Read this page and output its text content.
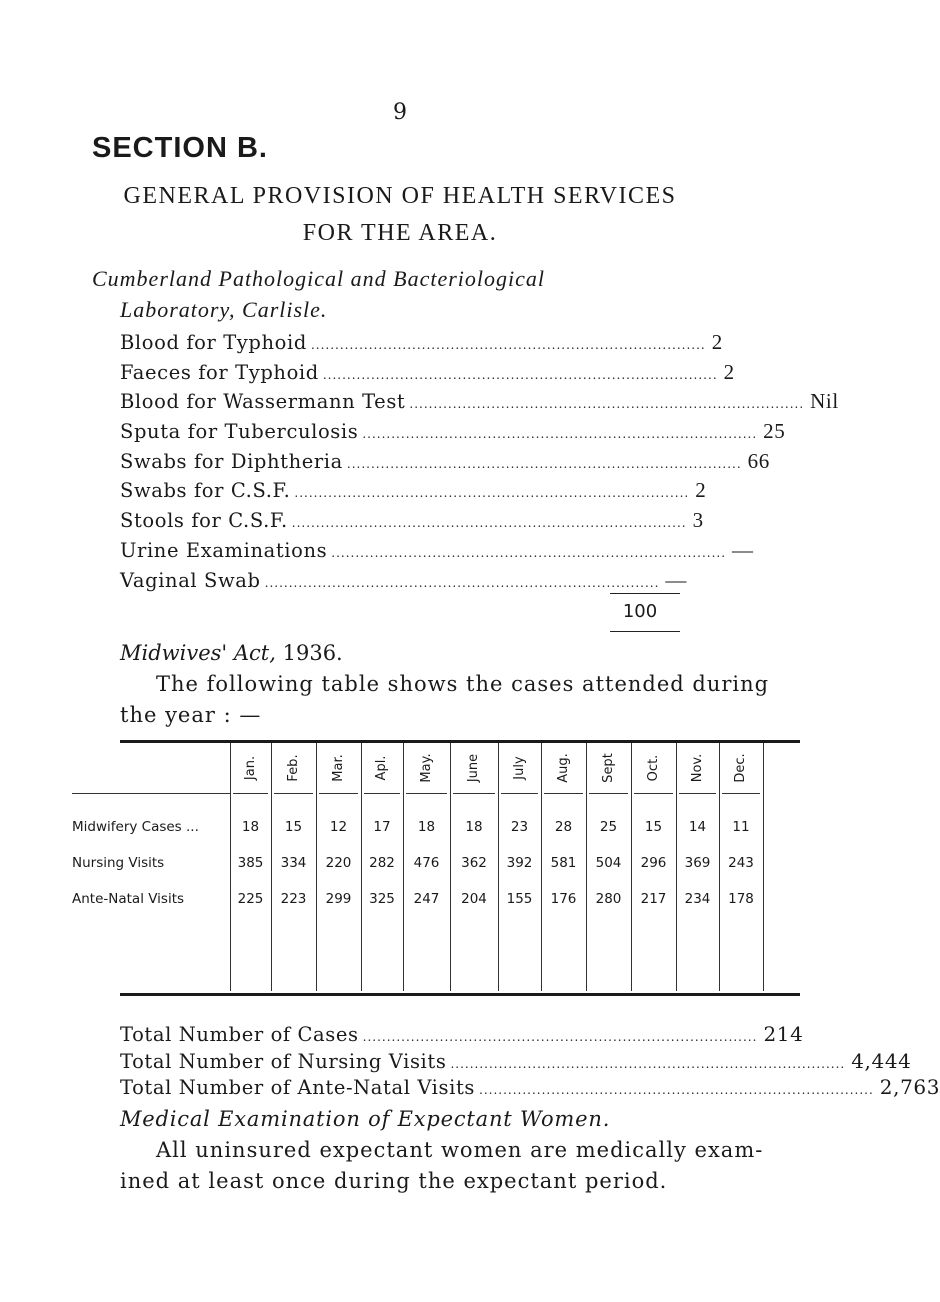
9
SECTION B.
GENERAL PROVISION OF HEALTH SERVICES
FOR THE AREA.
Cumberland Pathological and Bacteriological
Laboratory, Carlisle.
Blood for Typhoid .................................................................................. 2
Faeces for Typhoid .................................................................................. 2
Blood for Wassermann Test .................................................................................. Nil
Sputa for Tuberculosis .................................................................................. 25
Swabs for Diphtheria .................................................................................. 66
Swabs for C.S.F. .................................................................................. 2
Stools for C.S.F. .................................................................................. 3
Urine Examinations .................................................................................. —
Vaginal Swab .................................................................................. —
100
Midwives' Act, 1936.
The following table shows the cases attended during
the year : —
Midwifery Cases ...
Nursing Visits
Ante-Natal Visits
Jan.
18
385
225
Feb.
15
334
223
Mar.
12
220
299
Apl.
17
282
325
May.
18
476
247
June
18
362
204
July
23
392
155
Aug.
28
581
176
Sept
25
504
280
Oct.
15
296
217
Nov.
14
369
234
Dec.
11
243
178
Total Number of Cases .................................................................................. 214
Total Number of Nursing Visits .................................................................................. 4,444
Total Number of Ante-Natal Visits .................................................................................. 2,763
Medical Examination of Expectant Women.
All uninsured expectant women are medically exam-
ined at least once during the expectant period.
